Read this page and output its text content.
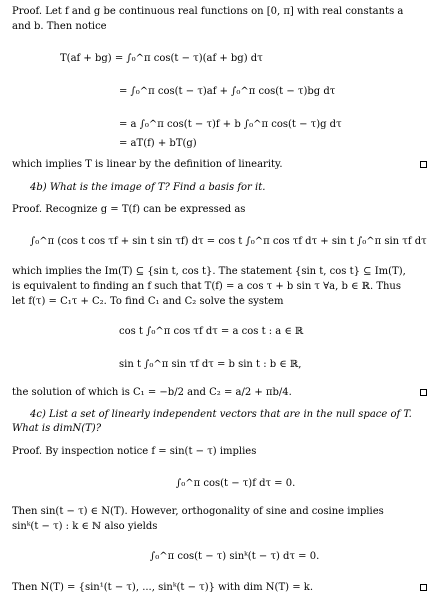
Proof. Let f and g be continuous real functions on [0, π] with real constants a
and b. Then notice
T(af + bg) = ∫₀^π cos(t − τ)(af + bg) dτ
= ∫₀^π cos(t − τ)af + ∫₀^π cos(t − τ)bg dτ
= a ∫₀^π cos(t − τ)f + b ∫₀^π cos(t − τ)g dτ
= aT(f) + bT(g)
which implies T is linear by the definition of linearity.
4b) What is the image of T? Find a basis for it.
Proof. Recognize g = T(f) can be expressed as
∫₀^π (cos t cos τf + sin t sin τf) dτ = cos t ∫₀^π cos τf dτ + sin t ∫₀^π sin τf dτ
which implies the Im(T) ⊆ {sin t, cos t}. The statement {sin t, cos t} ⊆ Im(T),
is equivalent to finding an f such that T(f) = a cos τ + b sin τ ∀a, b ∈ ℝ. Thus
let f(τ) = C₁τ + C₂. To find C₁ and C₂ solve the system
cos t ∫₀^π cos τf dτ = a cos t : a ∈ ℝ
sin t ∫₀^π sin τf dτ = b sin t : b ∈ ℝ,
the solution of which is C₁ = −b/2 and C₂ = a/2 + πb/4.
4c) List a set of linearly independent vectors that are in the null space of T.
What is dimN(T)?
Proof. By inspection notice f = sin(t − τ) implies
∫₀^π cos(t − τ)f dτ = 0.
Then sin(t − τ) ∈ N(T). However, orthogonality of sine and cosine implies
sinᵏ(t − τ) : k ∈ ℕ also yields
∫₀^π cos(t − τ) sinᵏ(t − τ) dτ = 0.
Then N(T) = {sin¹(t − τ), ..., sinᵏ(t − τ)} with dim N(T) = k.
